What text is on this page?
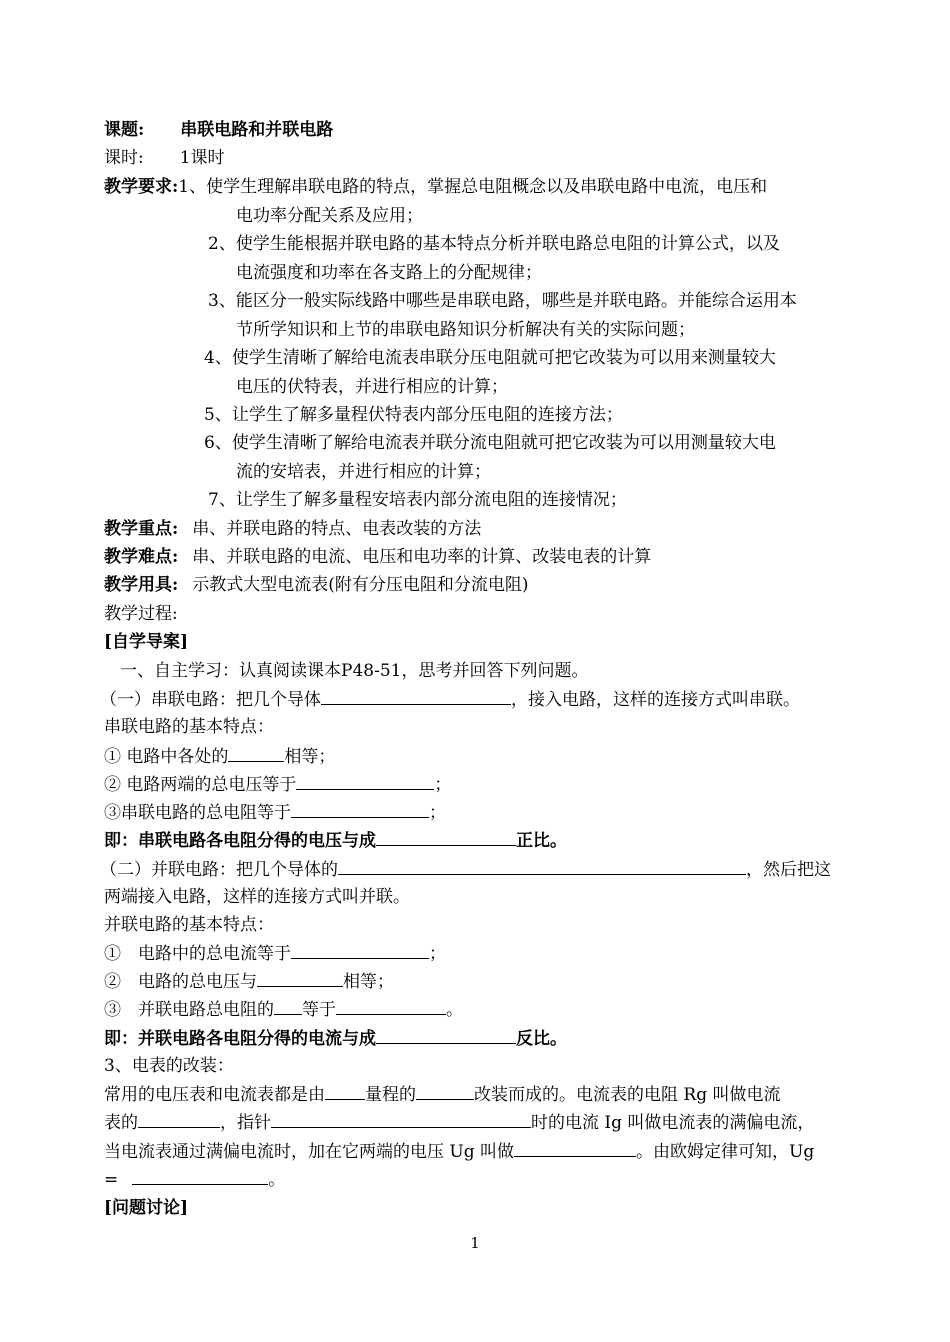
课题: 串联电路和并联电路
课时: 1课时
教学要求:1、使学生理解串联电路的特点，掌握总电阻概念以及串联电路中电流，电压和
电功率分配关系及应用；
2、使学生能根据并联电路的基本特点分析并联电路总电阻的计算公式，以及
电流强度和功率在各支路上的分配规律；
3、能区分一般实际线路中哪些是串联电路，哪些是并联电路。并能综合运用本
节所学知识和上节的串联电路知识分析解决有关的实际问题；
4、使学生清晰了解给电流表串联分压电阻就可把它改装为可以用来测量较大
电压的伏特表，并进行相应的计算；
5、让学生了解多量程伏特表内部分压电阻的连接方法；
6、使学生清晰了解给电流表并联分流电阻就可把它改装为可以用测量较大电
流的安培表，并进行相应的计算；
7、让学生了解多量程安培表内部分流电阻的连接情况；
教学重点: 串、并联电路的特点、电表改装的方法
教学难点: 串、并联电路的电流、电压和电功率的计算、改装电表的计算
教学用具: 示教式大型电流表(附有分压电阻和分流电阻)
教学过程:
[自学导案]
一、自主学习：认真阅读课本P48-51，思考并回答下列问题。
（一）串联电路：把几个导体	，接入电路，这样的连接方式叫串联。
串联电路的基本特点：
① 电路中各处的	相等；
② 电路两端的总电压等于	；
③串联电路的总电阻等于	；
即：串联电路各电阻分得的电压与成	正比。
（二）并联电路：把几个导体的	，然后把这
两端接入电路，这样的连接方式叫并联。
并联电路的基本特点：
①　电路中的总电流等于	；
②　电路的总电压与	相等；
③　并联电路总电阻的 等于	。
即：并联电路各电阻分得的电流与成	反比。
3、电表的改装：
常用的电压表和电流表都是由 量程的	改装而成的。电流表的电阻 Rg 叫做电流
表的	，指针	时的电流 Ig 叫做电流表的满偏电流，
当电流表通过满偏电流时，加在它两端的电压 Ug 叫做	。由欧姆定律可知，Ug
=	。
[问题讨论]
1
